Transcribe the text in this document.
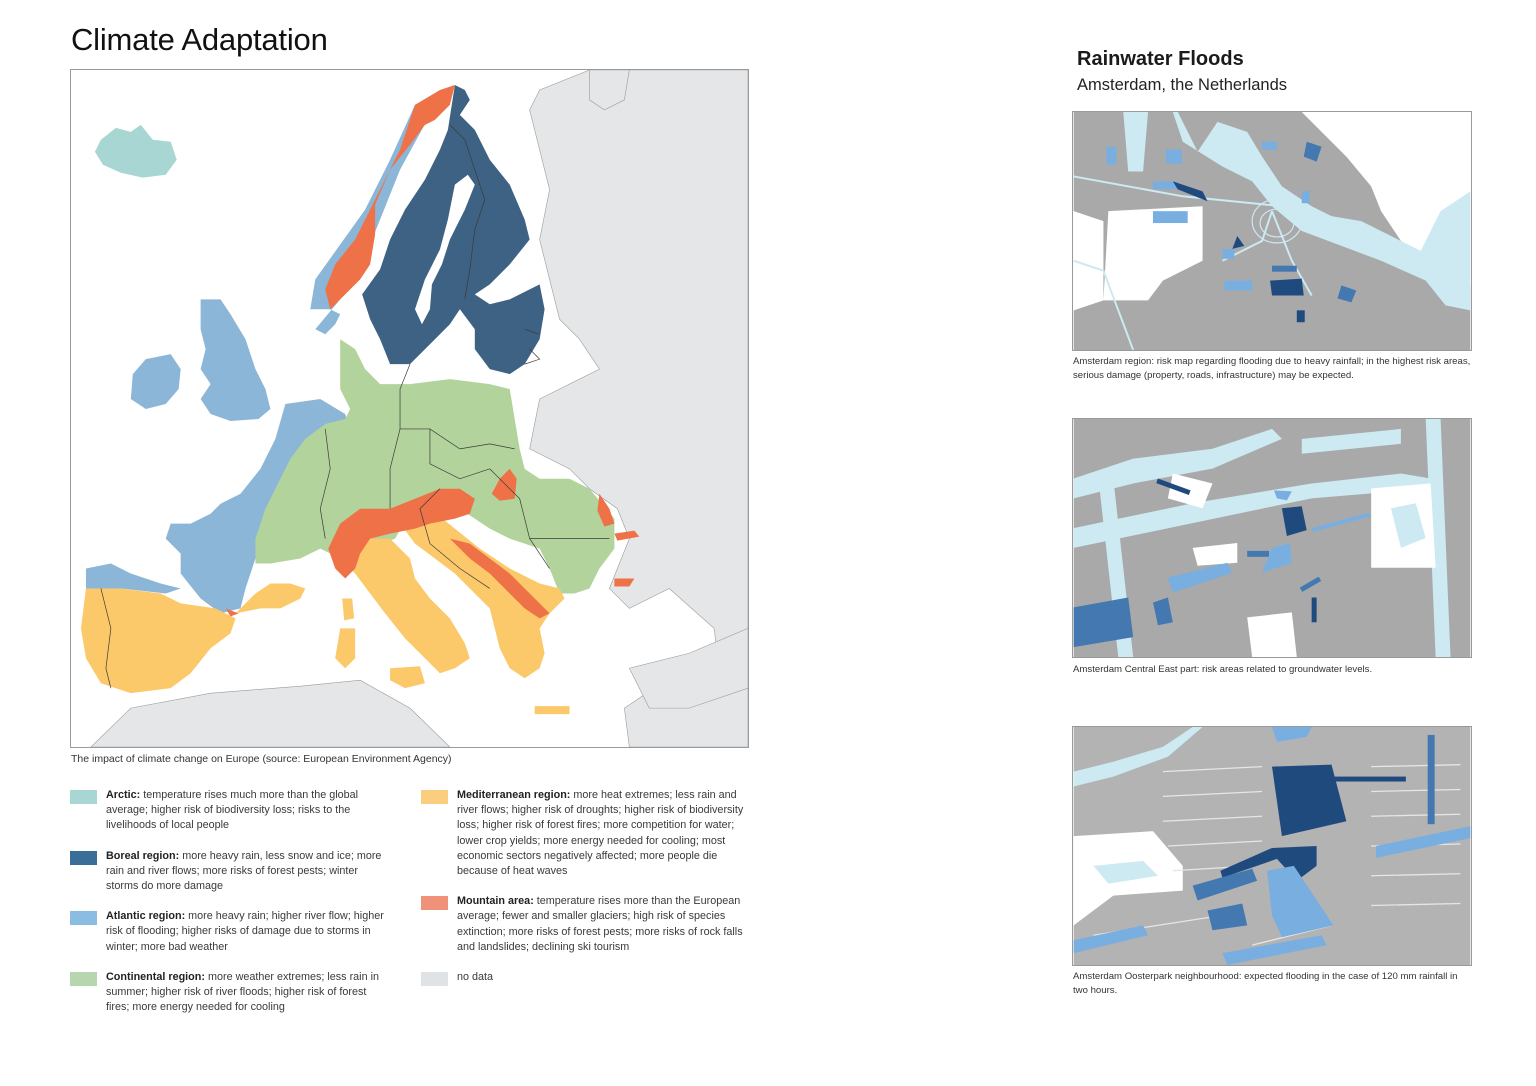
Climate Adaptation
The impact of climate change on Europe (source: European Environment Agency)
Arctic: temperature rises much more than the global average; higher risk of biodiversity loss; risks to the livelihoods of local people
Boreal region: more heavy rain, less snow and ice; more rain and river flows; more risks of forest pests; winter storms do more damage
Atlantic region: more heavy rain; higher river flow; higher risk of flooding; higher risks of damage due to storms in winter; more bad weather
Continental region: more weather extremes; less rain in summer; higher risk of river floods; higher risk of forest fires; more energy needed for cooling
Mediterranean region: more heat extremes; less rain and river flows; higher risk of droughts; higher risk of biodiversity loss; higher risk of forest fires; more competition for water; lower crop yields; more energy needed for cooling; most economic sectors negatively affected; more people die because of heat waves
Mountain area: temperature rises more than the European average; fewer and smaller glaciers; high risk of species extinction; more risks of forest pests; more risks of rock falls and landslides; declining ski tourism
no data
Rainwater Floods
Amsterdam, the Netherlands
Amsterdam region: risk map regarding flooding due to heavy rainfall; in the highest risk areas, serious damage (property, roads, infrastructure) may be expected.
Amsterdam Central East part: risk areas related to groundwater levels.
Amsterdam Oosterpark neighbourhood: expected flooding in the case of 120 mm rainfall in two hours.
